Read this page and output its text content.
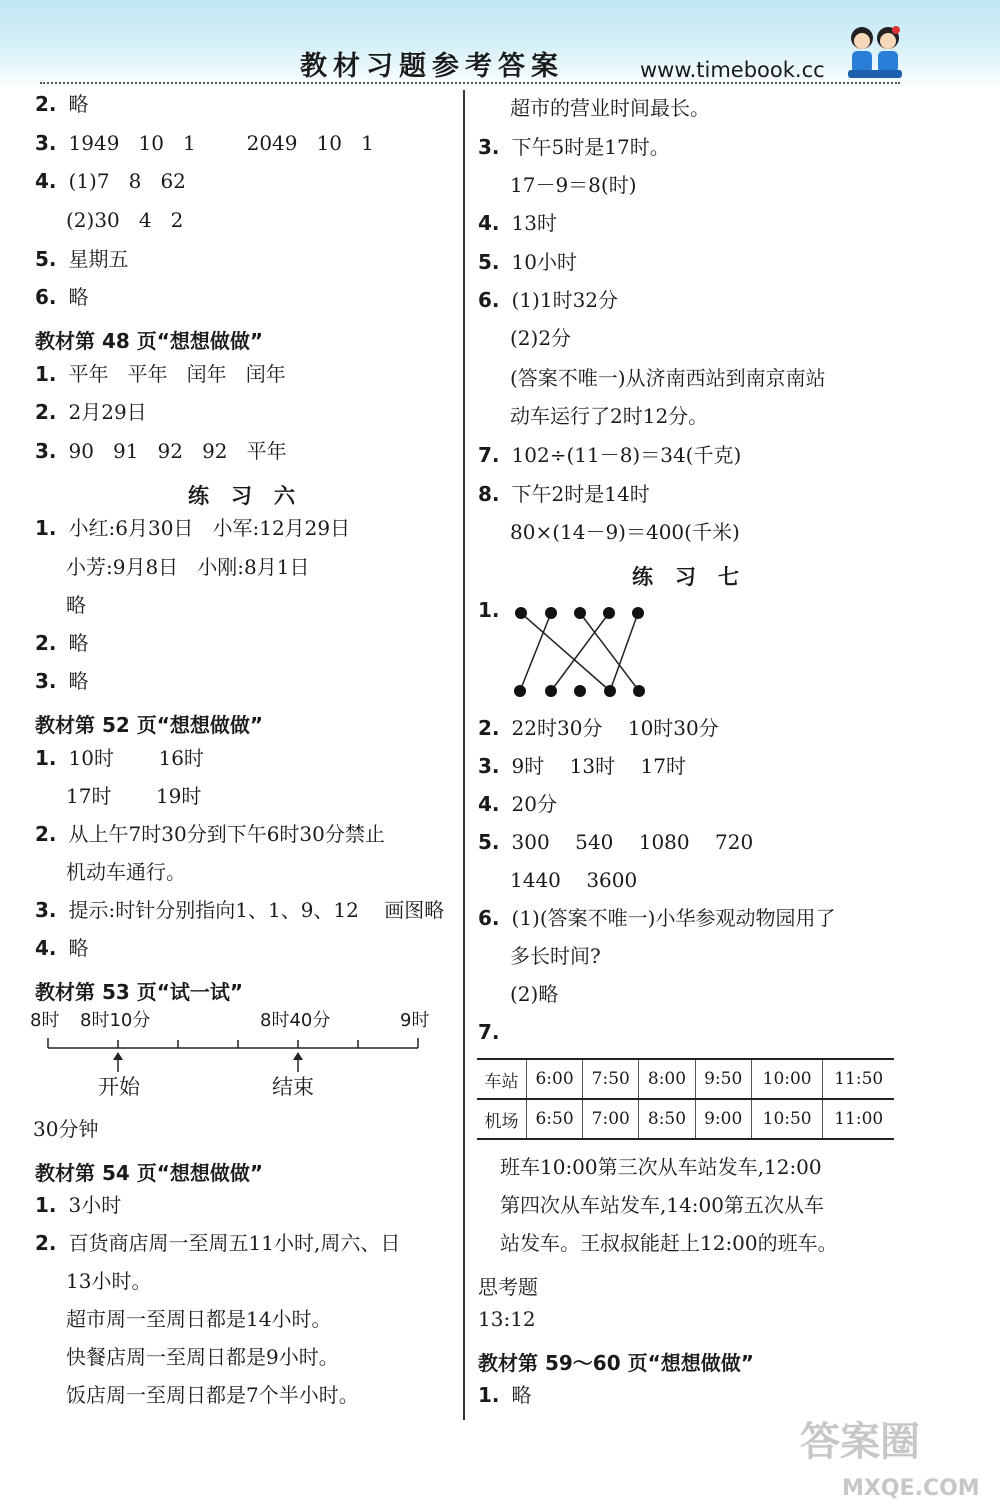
教材习题参考答案	www.timebook.cc
2. 略
3. 1949   10   1        2049   10   1
4. (1)7   8   62
(2)30   4   2
5. 星期五
6. 略
教材第 48 页“想想做做”
1. 平年   平年   闰年   闰年
2. 2月29日
3. 90   91   92   92   平年
练习六
1. 小红:6月30日   小军:12月29日
小芳:9月8日   小刚:8月1日
略
2. 略
3. 略
教材第 52 页“想想做做”
1. 10时       16时
17时       19时
2. 从上午7时30分到下午6时30分禁止
机动车通行。
3. 提示:时针分别指向1、1、9、12    画图略
4. 略
教材第 53 页“试一试”
8时 8时10分	8时40分	9时
开始	结束
30分钟
教材第 54 页“想想做做”
1. 3小时
2. 百货商店周一至周五11小时,周六、日
13小时。
超市周一至周日都是14小时。
快餐店周一至周日都是9小时。
饭店周一至周日都是7个半小时。
超市的营业时间最长。
3. 下午5时是17时。
17－9＝8(时)
4. 13时
5. 10小时
6. (1)1时32分
(2)2分
(答案不唯一)从济南西站到南京南站
动车运行了2时12分。
7. 102÷(11－8)＝34(千克)
8. 下午2时是14时
80×(14－9)＝400(千米)
练习七
1.
2. 22时30分    10时30分
3. 9时    13时    17时
4. 20分
5. 300    540    1080    720
1440    3600
6. (1)(答案不唯一)小华参观动物园用了
多长时间?
(2)略
7.
车站	6:00	7:50	8:00	9:50	10:00	11:50
机场	6:50	7:00	8:50	9:00	10:50	11:00
班车10:00第三次从车站发车,12:00
第四次从车站发车,14:00第五次从车
站发车。王叔叔能赶上12:00的班车。
思考题
13:12
教材第 59～60 页“想想做做”
1. 略
答案圈
MXQE.COM
